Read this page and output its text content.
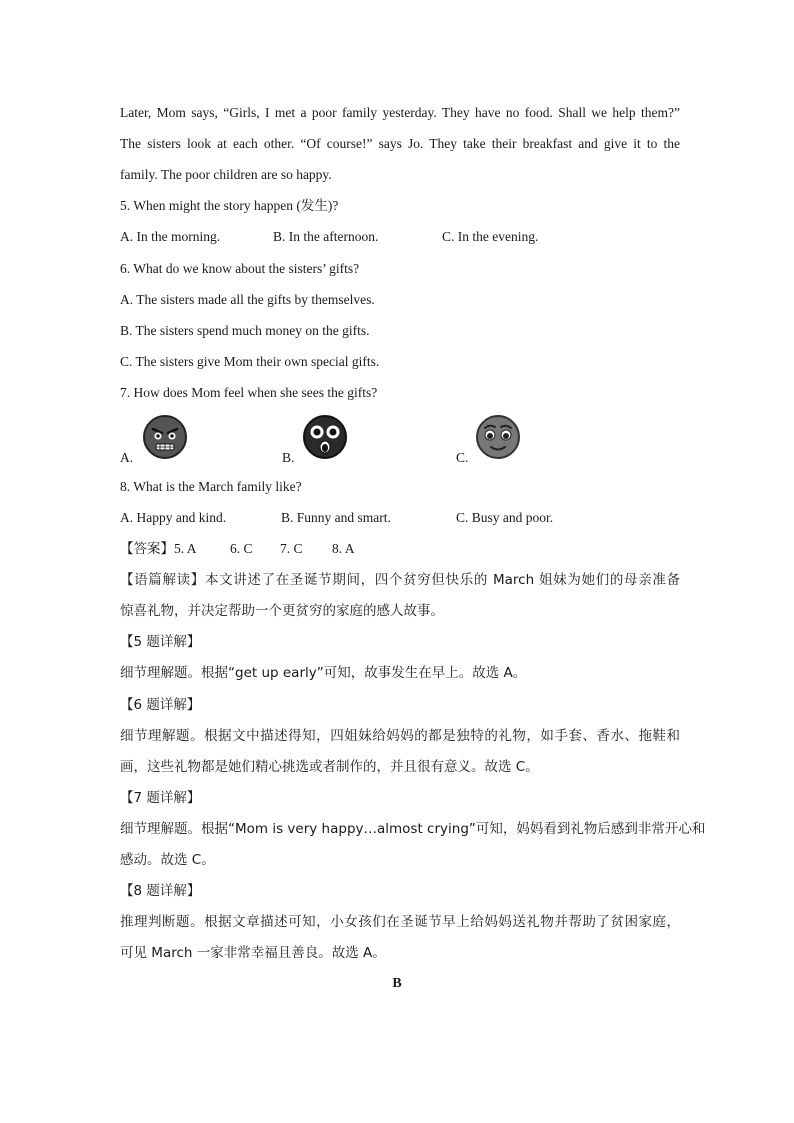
Later, Mom says, “Girls, I met a poor family yesterday. They have no food. Shall we help them?”
The sisters look at each other. “Of course!” says Jo. They take their breakfast and give it to the
family. The poor children are so happy.
5. When might the story happen (发生)?
A. In the morning.	B. In the afternoon.	C. In the evening.
6. What do we know about the sisters’ gifts?
A. The sisters made all the gifts by themselves.
B. The sisters spend much money on the gifts.
C. The sisters give Mom their own special gifts.
7. How does Mom feel when she sees the gifts?
A.	B.	C.
8. What is the March family like?
A. Happy and kind.	B. Funny and smart.	C. Busy and poor.
【答案】5. A 6. C 7. C 8. A
【语篇解读】本文讲述了在圣诞节期间，四个贫穷但快乐的 March 姐妹为她们的母亲准备
惊喜礼物，并决定帮助一个更贫穷的家庭的感人故事。
【5 题详解】
细节理解题。根据“get up early”可知，故事发生在早上。故选 A。
【6 题详解】
细节理解题。根据文中描述得知，四姐妹给妈妈的都是独特的礼物，如手套、香水、拖鞋和
画，这些礼物都是她们精心挑选或者制作的，并且很有意义。故选 C。
【7 题详解】
细节理解题。根据“Mom is very happy…almost crying”可知，妈妈看到礼物后感到非常开心和
感动。故选 C。
【8 题详解】
推理判断题。根据文章描述可知，小女孩们在圣诞节早上给妈妈送礼物并帮助了贫困家庭，
可见 March 一家非常幸福且善良。故选 A。
B
